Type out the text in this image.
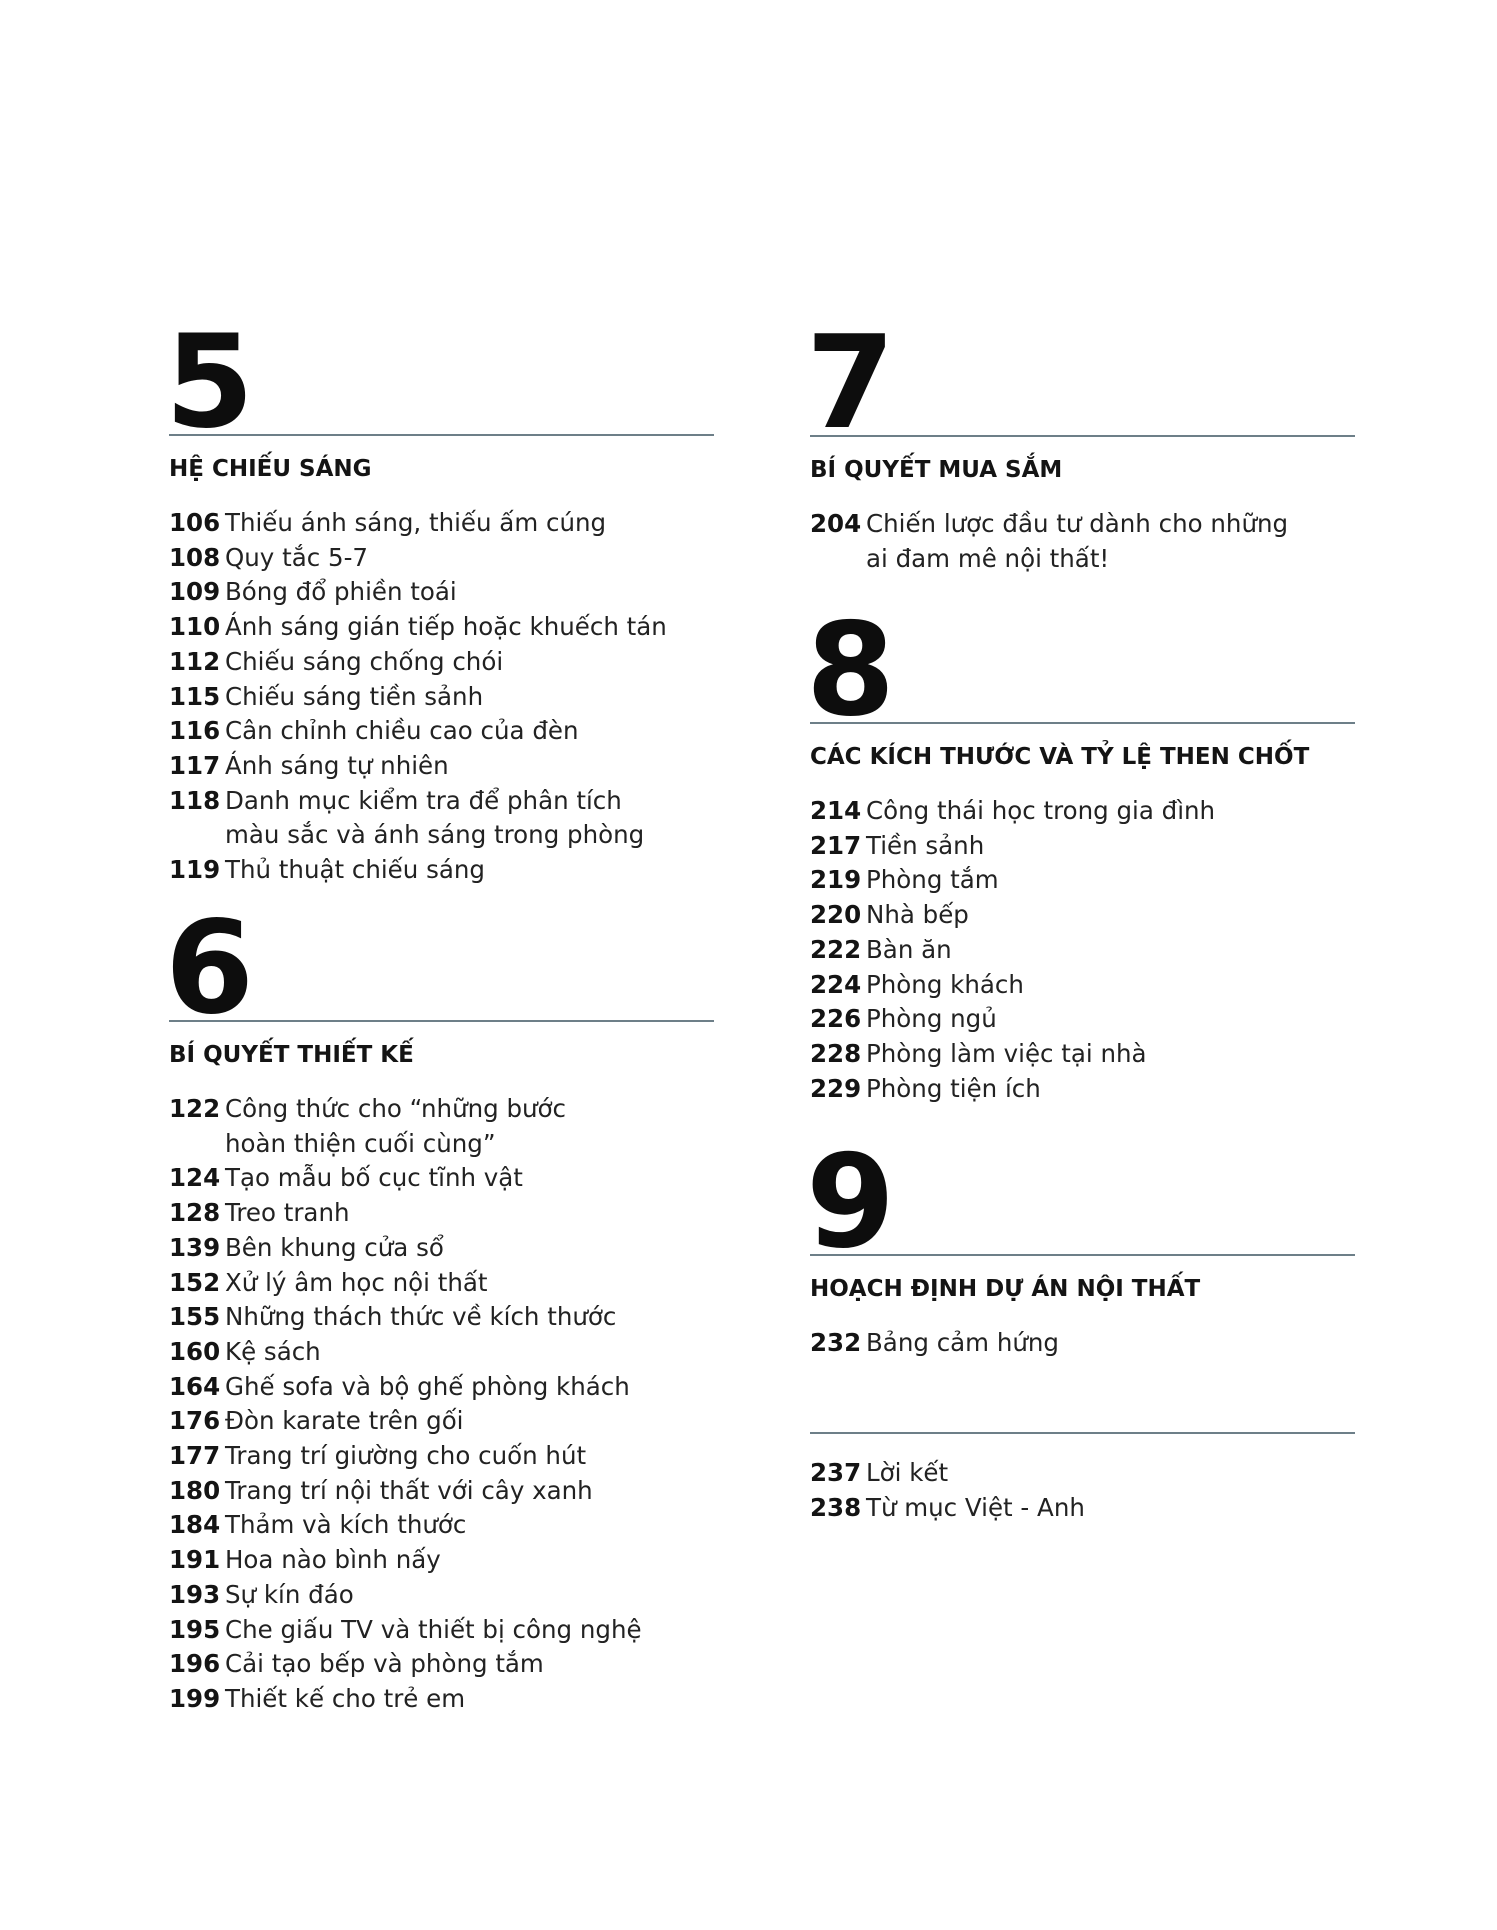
5
HỆ CHIẾU SÁNG
106 Thiếu ánh sáng, thiếu ấm cúng
108 Quy tắc 5-7
109 Bóng đổ phiền toái
110 Ánh sáng gián tiếp hoặc khuếch tán
112 Chiếu sáng chống chói
115 Chiếu sáng tiền sảnh
116 Cân chỉnh chiều cao của đèn
117 Ánh sáng tự nhiên
118 Danh mục kiểm tra để phân tích
màu sắc và ánh sáng trong phòng
119 Thủ thuật chiếu sáng
6
BÍ QUYẾT THIẾT KẾ
122 Công thức cho “những bước
hoàn thiện cuối cùng”
124 Tạo mẫu bố cục tĩnh vật
128 Treo tranh
139 Bên khung cửa sổ
152 Xử lý âm học nội thất
155 Những thách thức về kích thước
160 Kệ sách
164 Ghế sofa và bộ ghế phòng khách
176 Đòn karate trên gối
177 Trang trí giường cho cuốn hút
180 Trang trí nội thất với cây xanh
184 Thảm và kích thước
191 Hoa nào bình nấy
193 Sự kín đáo
195 Che giấu TV và thiết bị công nghệ
196 Cải tạo bếp và phòng tắm
199 Thiết kế cho trẻ em
7
BÍ QUYẾT MUA SẮM
204 Chiến lược đầu tư dành cho những
ai đam mê nội thất!
8
CÁC KÍCH THƯỚC VÀ TỶ LỆ THEN CHỐT
214 Công thái học trong gia đình
217 Tiền sảnh
219 Phòng tắm
220 Nhà bếp
222 Bàn ăn
224 Phòng khách
226 Phòng ngủ
228 Phòng làm việc tại nhà
229 Phòng tiện ích
9
HOẠCH ĐỊNH DỰ ÁN NỘI THẤT
232 Bảng cảm hứng
237 Lời kết
238 Từ mục Việt - Anh
